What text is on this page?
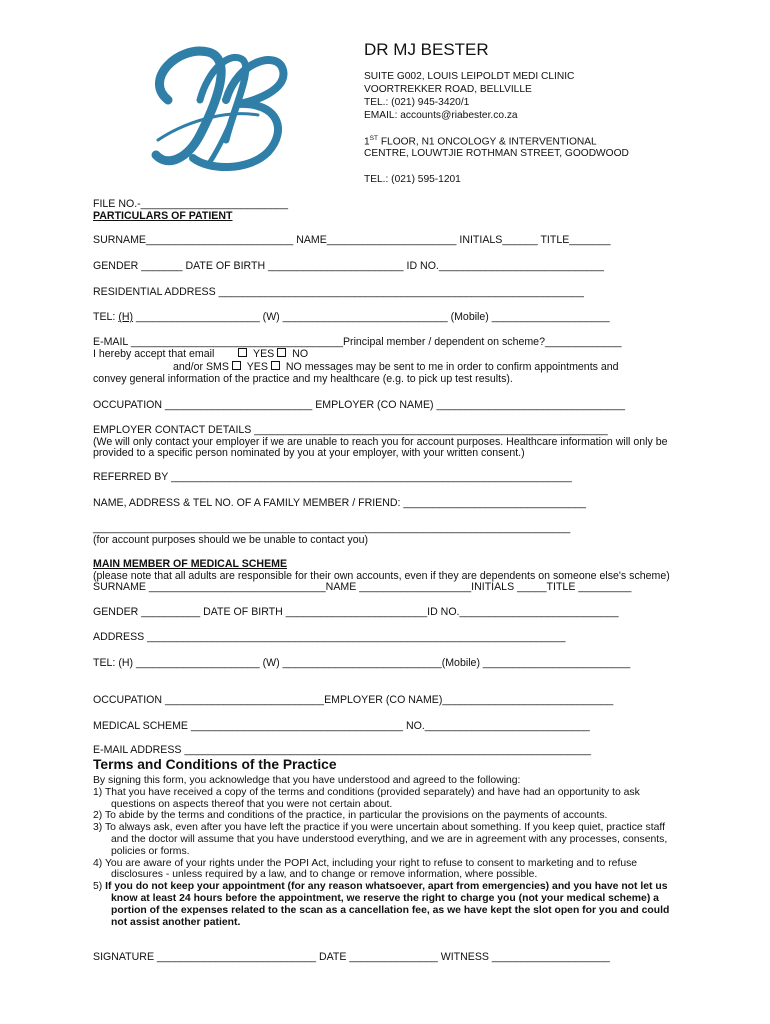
DR MJ BESTER
SUITE G002, LOUIS LEIPOLDT MEDI CLINIC
VOORTREKKER ROAD, BELLVILLE
TEL.: (021) 945-3420/1
EMAIL: accounts@riabester.co.za
1ST FLOOR, N1 ONCOLOGY & INTERVENTIONAL
CENTRE, LOUWTJIE ROTHMAN STREET, GOODWOOD
TEL.: (021) 595-1201
FILE NO.-_________________________
PARTICULARS OF PATIENT
SURNAME_________________________ NAME______________________ INITIALS______ TITLE_______
GENDER _______ DATE OF BIRTH _______________________ ID NO.____________________________
RESIDENTIAL ADDRESS ______________________________________________________________
TEL: (H) _____________________ (W) ____________________________ (Mobile) ____________________
E-MAIL ____________________________________Principal member / dependent on scheme?_____________
I hereby accept that email	YES NO
and/or SMS YES NO messages may be sent to me in order to confirm appointments and
convey general information of the practice and my healthcare (e.g. to pick up test results).
OCCUPATION _________________________ EMPLOYER (CO NAME) ________________________________
EMPLOYER CONTACT DETAILS ____________________________________________________________
(We will only contact your employer if we are unable to reach you for account purposes. Healthcare information will only be
provided to a specific person nominated by you at your employer, with your written consent.)
REFERRED BY ____________________________________________________________________
NAME, ADDRESS & TEL NO. OF A FAMILY MEMBER / FRIEND: _______________________________
_________________________________________________________________________________
(for account purposes should we be unable to contact you)
MAIN MEMBER OF MEDICAL SCHEME
(please note that all adults are responsible for their own accounts, even if they are dependents on someone else's scheme)
SURNAME ______________________________NAME ___________________INITIALS _____TITLE _________
GENDER __________ DATE OF BIRTH ________________________ID NO.___________________________
ADDRESS _______________________________________________________________________
TEL: (H) _____________________ (W) ___________________________(Mobile) _________________________
OCCUPATION ___________________________EMPLOYER (CO NAME)_____________________________
MEDICAL SCHEME ____________________________________ NO.____________________________
E-MAIL ADDRESS _____________________________________________________________________
Terms and Conditions of the Practice

By signing this form, you acknowledge that you have understood and agreed to the following:

1) That you have received a copy of the terms and conditions (provided separately) and have had an opportunity to ask questions on aspects thereof that you were not certain about.

2) To abide by the terms and conditions of the practice, in particular the provisions on the payments of accounts.

3) To always ask, even after you have left the practice if you were uncertain about something. If you keep quiet, practice staff and the doctor will assume that you have understood everything, and we are in agreement with any processes, consents, policies or forms.

4) You are aware of your rights under the POPI Act, including your right to refuse to consent to marketing and to refuse disclosures - unless required by a law, and to change or remove information, where possible.

5) If you do not keep your appointment (for any reason whatsoever, apart from emergencies) and you have not let us know at least 24 hours before the appointment, we reserve the right to charge you (not your medical scheme) a portion of the expenses related to the scan as a cancellation fee, as we have kept the slot open for you and could not assist another patient.

SIGNATURE ___________________________ DATE _______________ WITNESS ____________________
